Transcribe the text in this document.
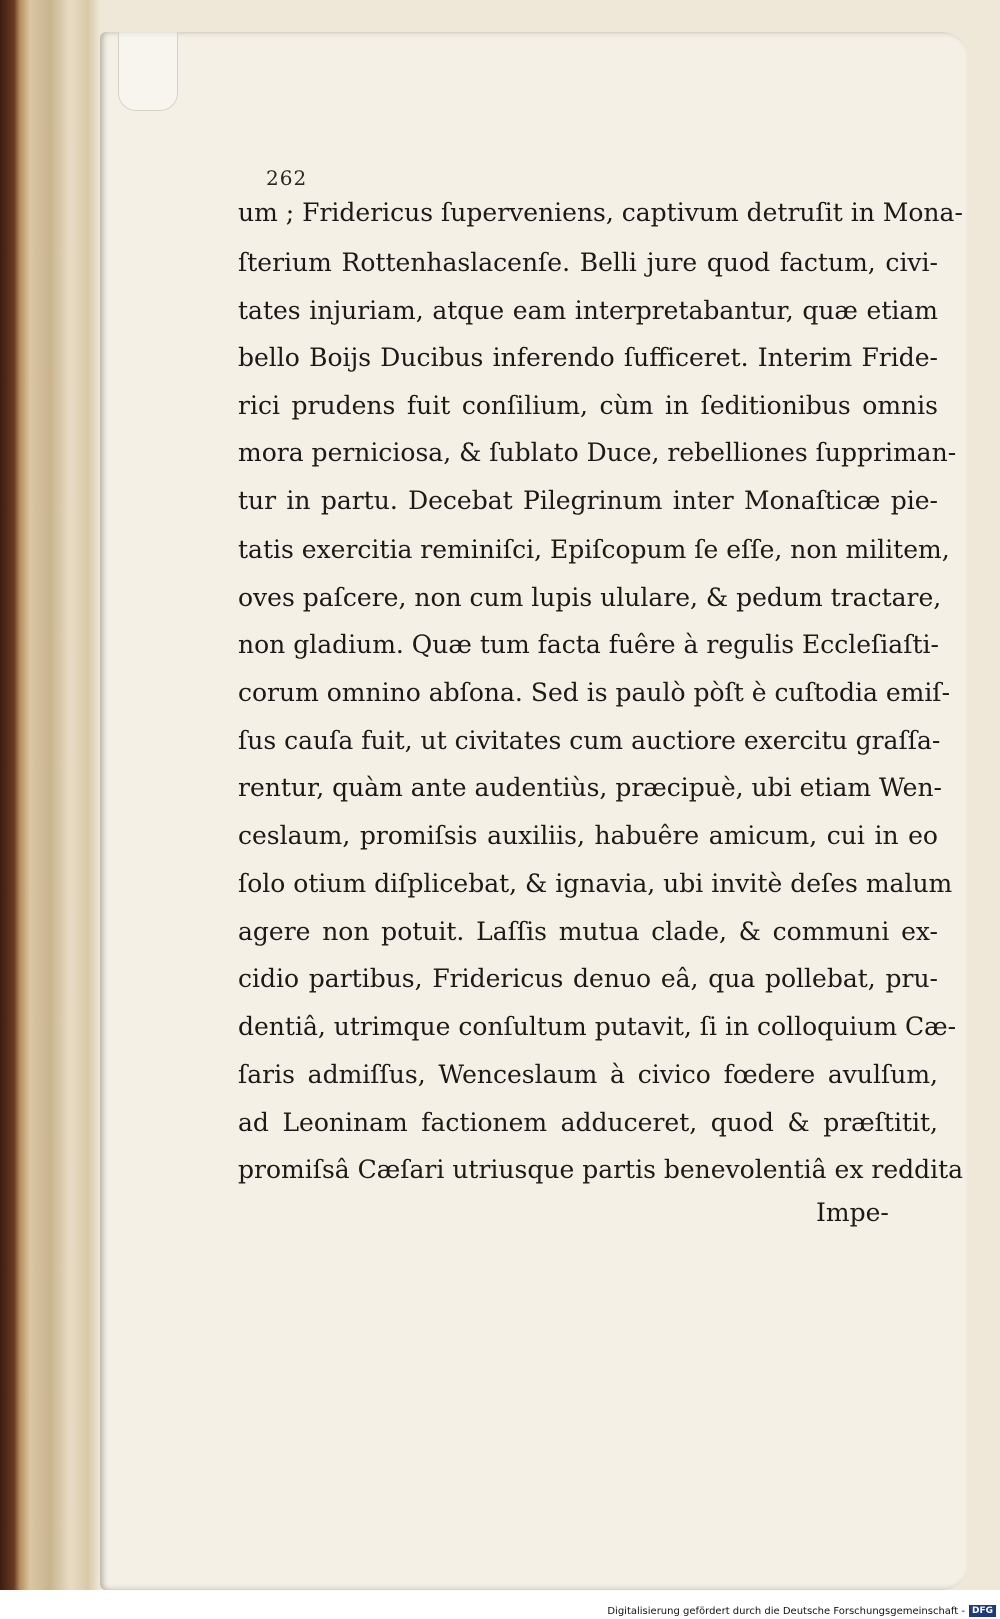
262
um ; Fridericus ſuperveniens, captivum detruſit in Mona-
ſterium Rottenhaslacenſe. Belli jure quod factum, civi-
tates injuriam, atque eam interpretabantur, quæ etiam
bello Boijs Ducibus inferendo ſufficeret. Interim Fride-
rici prudens fuit conſilium, cùm in ſeditionibus omnis
mora perniciosa, & ſublato Duce, rebelliones ſuppriman-
tur in partu. Decebat Pilegrinum inter Monaſticæ pie-
tatis exercitia reminiſci, Epiſcopum ſe eſſe, non militem,
oves paſcere, non cum lupis ululare, & pedum tractare,
non gladium. Quæ tum facta fuêre à regulis Eccleſiaſti-
corum omnino abſona. Sed is paulò pòſt è cuſtodia emiſ-
ſus cauſa fuit, ut civitates cum auctiore exercitu graſſa-
rentur, quàm ante audentiùs, præcipuè, ubi etiam Wen-
ceslaum, promiſsis auxiliis, habuêre amicum, cui in eo
ſolo otium diſplicebat, & ignavia, ubi invitè deſes malum
agere non potuit. Laſſis mutua clade, & communi ex-
cidio partibus, Fridericus denuo eâ, qua pollebat, pru-
dentiâ, utrimque conſultum putavit, ſi in colloquium Cæ-
ſaris admiſſus, Wenceslaum à civico fœdere avulſum,
ad Leoninam factionem adduceret, quod & præſtitit,
promiſsâ Cæſari utriusque partis benevolentiâ ex reddita
Impe-
Digitalisierung gefördert durch die Deutsche Forschungsgemeinschaft - DFG
